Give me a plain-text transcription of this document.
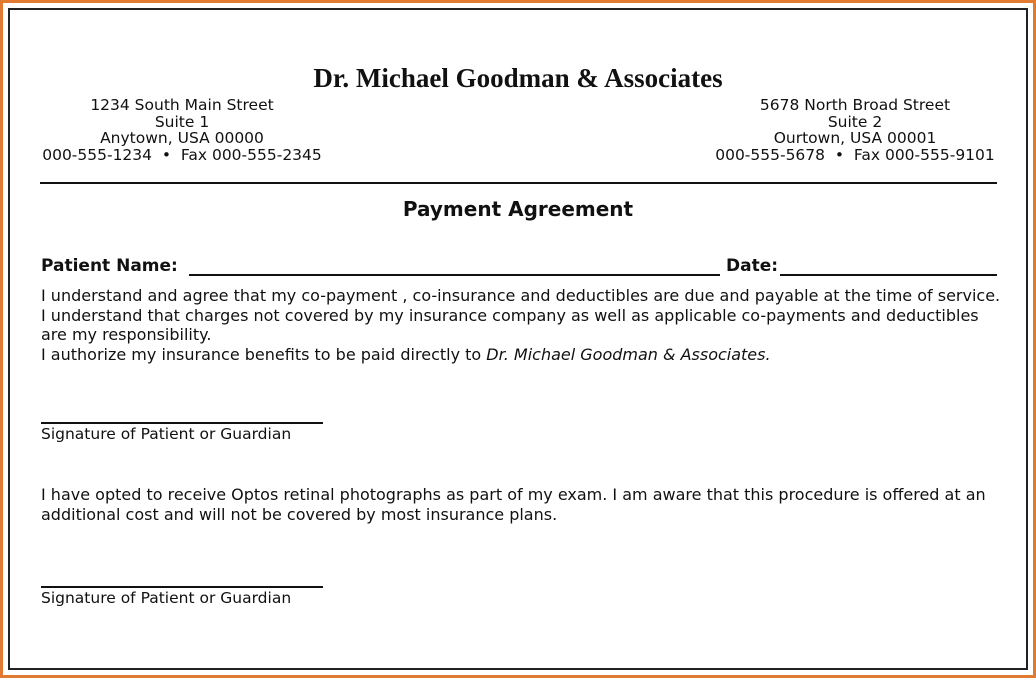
Dr. Michael Goodman & Associates
1234 South Main Street
Suite 1
Anytown, USA 00000
000-555-1234  •  Fax 000-555-2345
5678 North Broad Street
Suite 2
Ourtown, USA 00001
000-555-5678  •  Fax 000-555-9101
Payment Agreement
Patient Name:	Date:
I understand and agree that my co-payment , co-insurance and deductibles are due and payable at the time of service. I understand that charges not covered by my insurance company as well as applicable co-payments and deductibles are my responsibility.
I authorize my insurance benefits to be paid directly to Dr. Michael Goodman & Associates.
Signature of Patient or Guardian
I have opted to receive Optos retinal photographs as part of my exam. I am aware that this procedure is offered at an additional cost and will not be covered by most insurance plans.
Signature of Patient or Guardian
